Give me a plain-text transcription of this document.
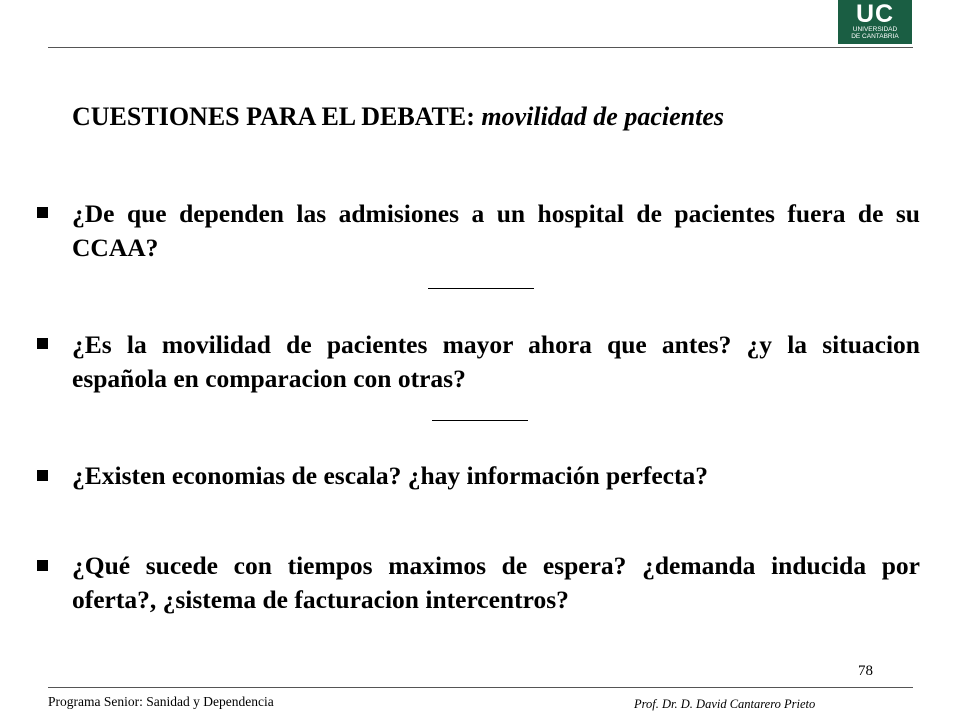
UC
UNIVERSIDAD
DE CANTABRIA
CUESTIONES PARA EL DEBATE: movilidad de pacientes
¿De que dependen las admisiones a un hospital de pacientes fuera de su CCAA?
¿Es la movilidad de pacientes mayor ahora que antes? ¿y la situacion española en comparacion con otras?
¿Existen economias de escala? ¿hay información perfecta?
¿Qué sucede con tiempos maximos de espera? ¿demanda inducida por oferta?, ¿sistema de facturacion intercentros?
78
Programa Senior: Sanidad y Dependencia	Prof. Dr. D. David Cantarero Prieto
